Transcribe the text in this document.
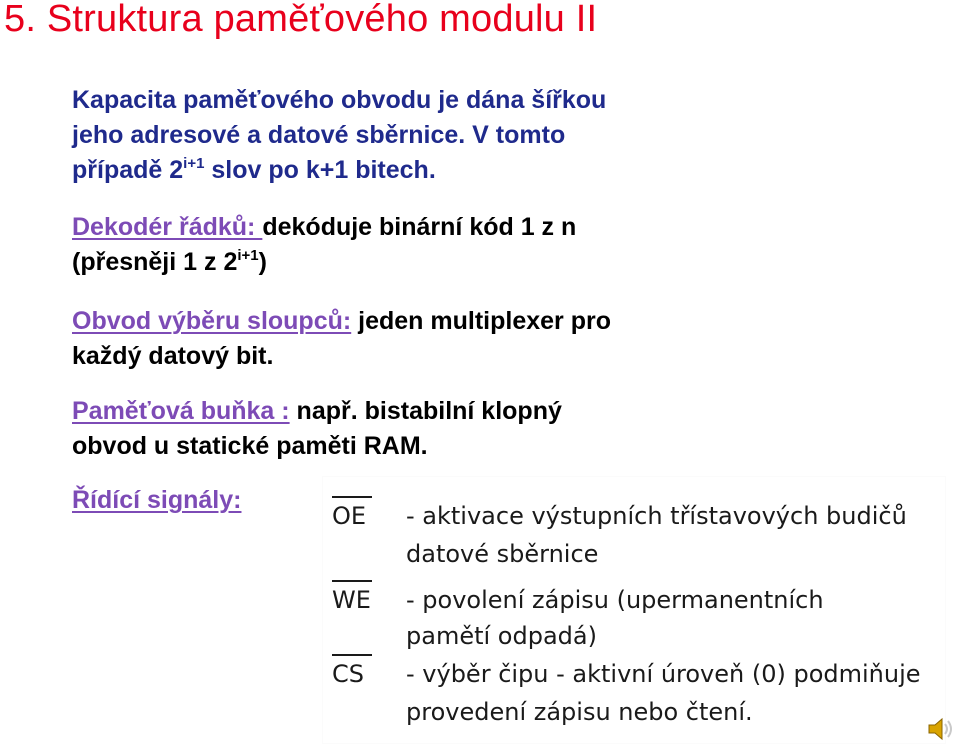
5. Struktura paměťového modulu II
Kapacita paměťového obvodu je dána šířkou
jeho adresové a datové sběrnice. V tomto
případě $2^{i+1}$ slov po k+1 bitech.
Dekodér řádků: dekóduje binární kód 1 z n
(přesněji 1 z $2^{i+1}$)
Obvod výběru sloupců: jeden multiplexer pro
každý datový bit.
Paměťová buňka : např. bistabilní klopný
obvod u statické paměti RAM.
Řídící signály:
OE - aktivace výstupních třístavových budičů
datové sběrnice
WE - povolení zápisu (upermanentních
pamětí odpadá)
CS - výběr čipu - aktivní úroveň (0) podmiňuje
provedení zápisu nebo čtení.
